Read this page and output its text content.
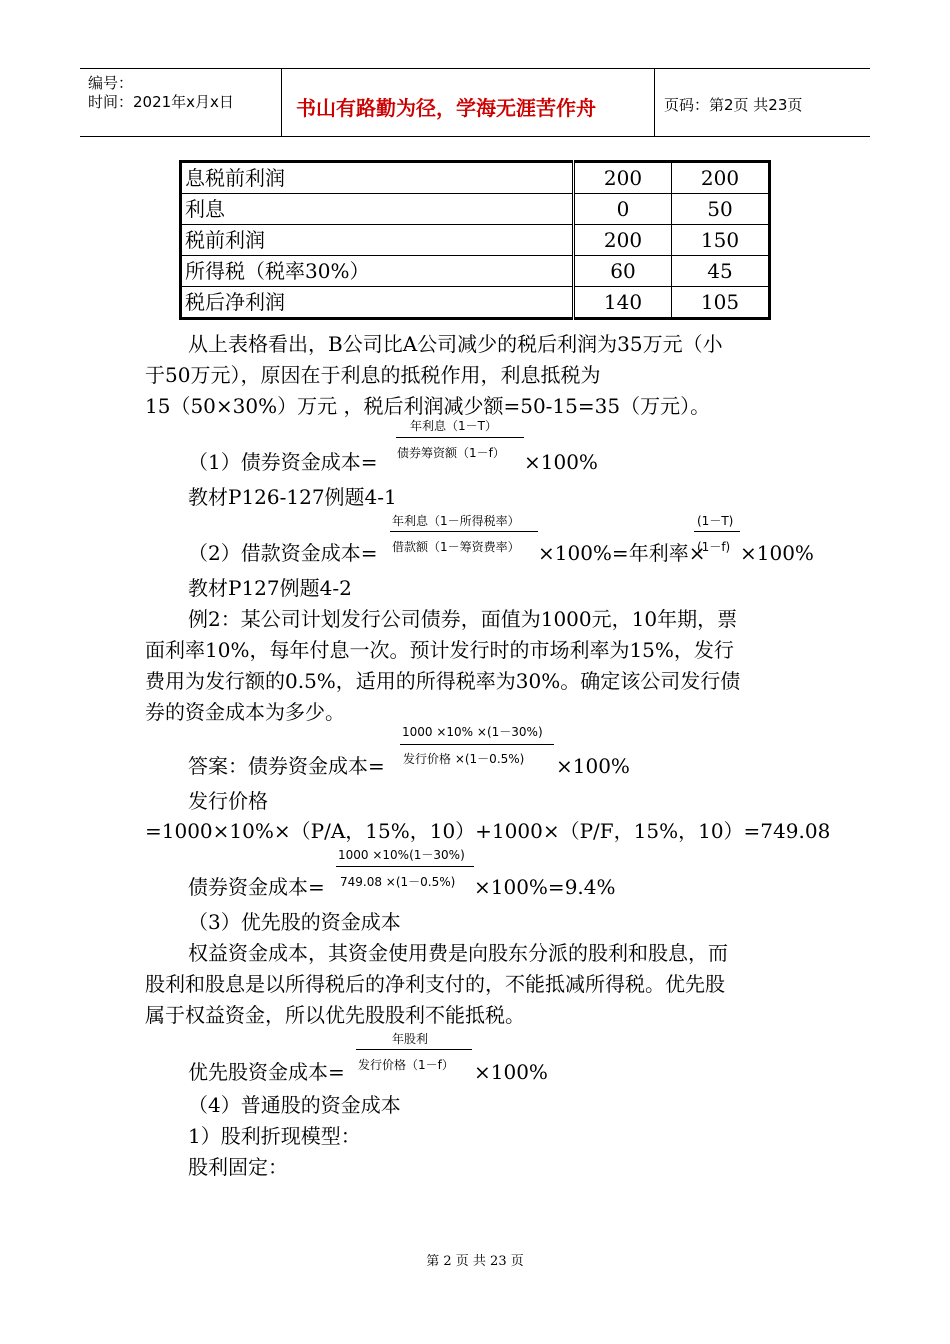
编号：
时间：2021年x月x日	书山有路勤为径，学海无涯苦作舟	页码：第2页 共23页
息税前利润	200	200
利息	0	50
税前利润	200	150
所得税（税率30%）	60	45
税后净利润	140	105
从上表格看出，B公司比A公司减少的税后利润为35万元（小
于50万元），原因在于利息的抵税作用，利息抵税为
15（50×30%）万元 ，税后利润减少额=50-15=35（万元）。
（1）债券资金成本=
年利息（1－T）
债券筹资额（1－f） ×100%
教材P126-127例题4-1
（2）借款资金成本=
年利息（1－所得税率）
借款额（1－筹资费率） ×100%=年利率×
(1－T)
(1－f) ×100%
教材P127例题4-2
例2：某公司计划发行公司债券，面值为1000元，10年期，票
面利率10%，每年付息一次。预计发行时的市场利率为15%，发行
费用为发行额的0.5%，适用的所得税率为30%。确定该公司发行债
券的资金成本为多少。
答案：债券资金成本=
1000 ×10% ×(1－30%)
发行价格 ×(1－0.5%) ×100%
发行价格
=1000×10%×（P/A，15%，10）+1000×（P/F，15%，10）=749.08
债券资金成本=
1000 ×10%(1－30%)
749.08 ×(1－0.5%) ×100%=9.4%
（3）优先股的资金成本
权益资金成本，其资金使用费是向股东分派的股利和股息，而
股利和股息是以所得税后的净利支付的，不能抵减所得税。优先股
属于权益资金，所以优先股股利不能抵税。
优先股资金成本=
年股利
发行价格（1－f） ×100%
（4）普通股的资金成本
1）股利折现模型：
股利固定：
第 2 页 共 23 页
